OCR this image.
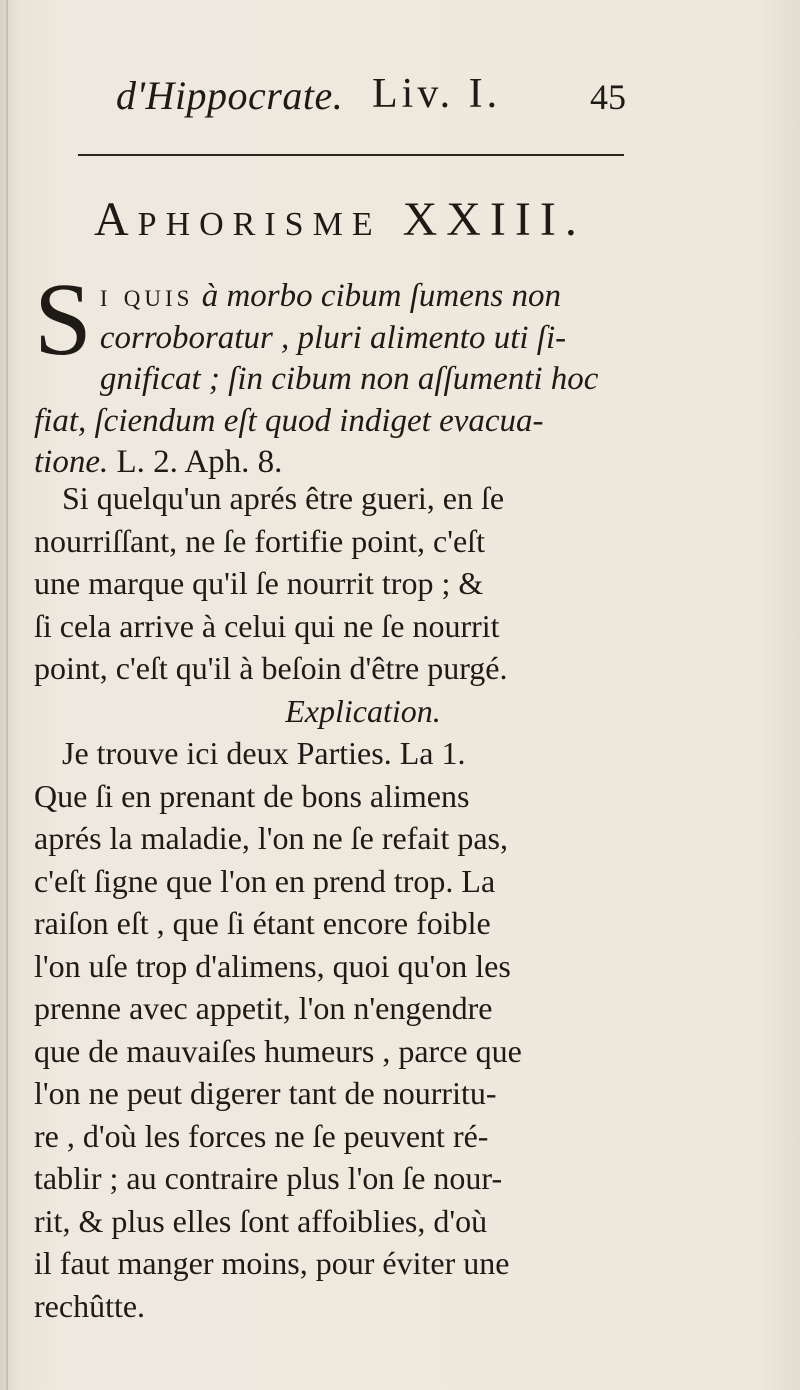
d'Hippocrate. Liv. I. 45
Aphorisme XXIII.
S i quis à morbo cibum ſumens non
corroboratur , pluri alimento uti ſi-
gnificat ; ſin cibum non aſſumenti hoc
fiat, ſciendum eſt quod indiget evacua-
tione. L. 2. Aph. 8.

Si quelqu'un aprés être gueri, en ſe
nourriſſant, ne ſe fortifie point, c'eſt
une marque qu'il ſe nourrit trop ; &
ſi cela arrive à celui qui ne ſe nourrit
point, c'eſt qu'il à beſoin d'être purgé.

Explication.

Je trouve ici deux Parties. La 1.
Que ſi en prenant de bons alimens
aprés la maladie, l'on ne ſe refait pas,
c'eſt ſigne que l'on en prend trop. La
raiſon eſt , que ſi étant encore foible
l'on uſe trop d'alimens, quoi qu'on les
prenne avec appetit, l'on n'engendre
que de mauvaiſes humeurs , parce que
l'on ne peut digerer tant de nourritu-
re , d'où les forces ne ſe peuvent ré-
tablir ; au contraire plus l'on ſe nour-
rit, & plus elles ſont affoiblies, d'où
il faut manger moins, pour éviter une
rechûtte.
